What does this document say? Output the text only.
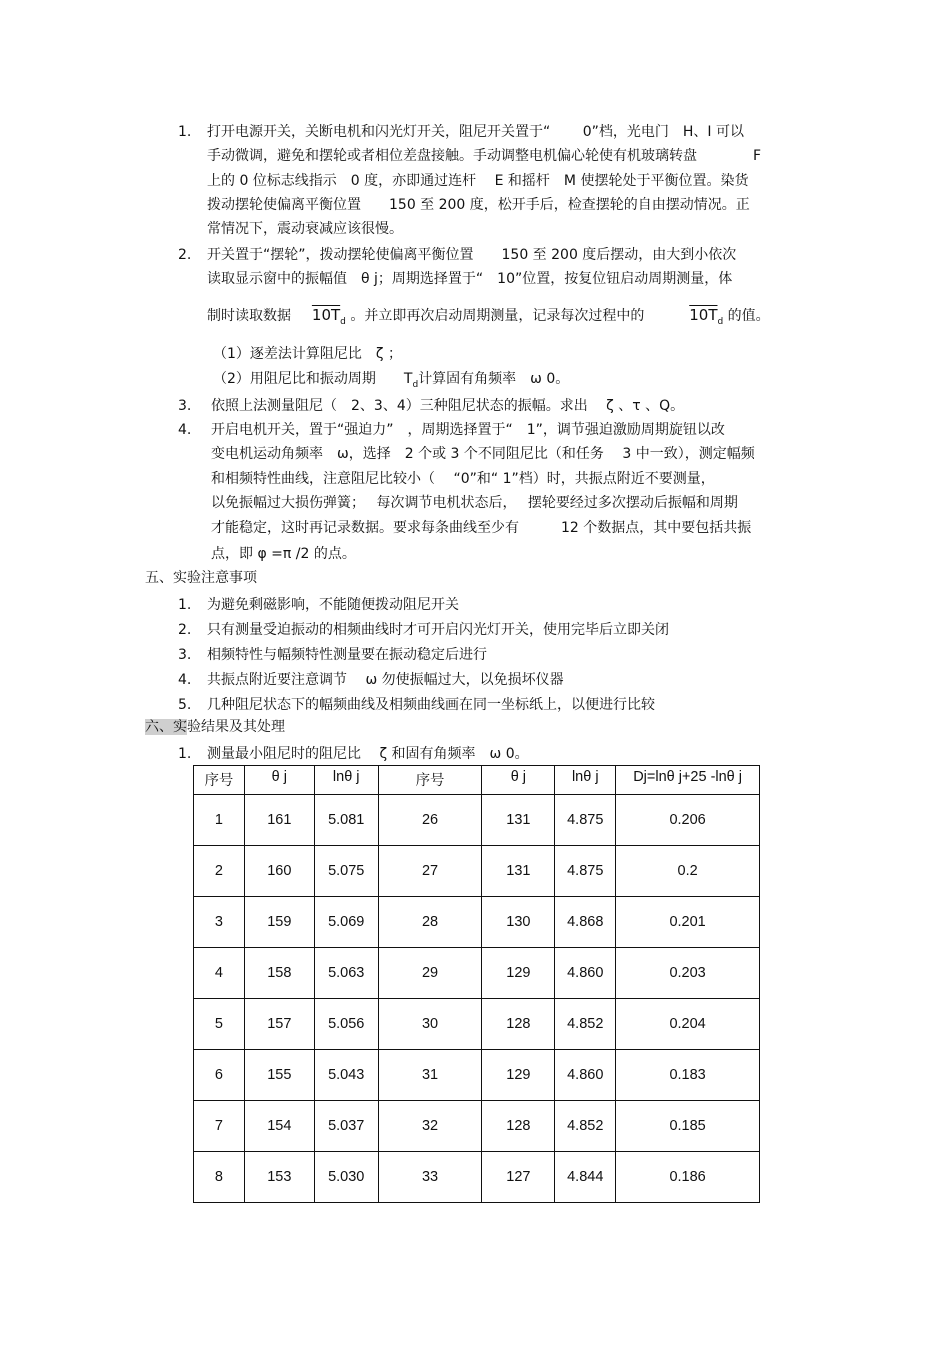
1. 打开电源开关，关断电机和闪光灯开关，阻尼开关置于“　　 0”档，光电门　H、I 可以
手动微调，避免和摆轮或者相位差盘接触。手动调整电机偏心轮使有机玻璃转盘　　　　F
上的 0 位标志线指示　0 度，亦即通过连杆　 E 和摇杆　M 使摆轮处于平衡位置。染货
拨动摆轮使偏离平衡位置　　150 至 200 度，松开手后，检查摆轮的自由摆动情况。正
常情况下，震动衰减应该很慢。
2. 开关置于“摆轮”，拨动摆轮使偏离平衡位置　　150 至 200 度后摆动，由大到小依次
读取显示窗中的振幅值　θ j；周期选择置于“　10”位置，按复位钮启动周期测量，体
制时读取数据 $10T_d$ 。并立即再次启动周期测量，记录每次过程中的	$10T_d$ 的值。
（1）逐差法计算阻尼比　ζ ；
（2）用阻尼比和振动周期　　$T_d$计算固有角频率　ω 0。
3. 依照上法测量阻尼（　2、3、4）三种阻尼状态的振幅。求出　 ζ 、τ 、Q。
4. 开启电机开关，置于“强迫力”　，周期选择置于“　1”，调节强迫激励周期旋钮以改
变电机运动角频率　ω，选择　2 个或 3 个不同阻尼比（和任务　 3 中一致），测定幅频
和相频特性曲线，注意阻尼比较小（　 “0”和“ 1”档）时，共振点附近不要测量，
以免振幅过大损伤弹簧；　 每次调节电机状态后，　 摆轮要经过多次摆动后振幅和周期
才能稳定，这时再记录数据。要求每条曲线至少有　　　12 个数据点，其中要包括共振
点，即 φ =π /2 的点。
五、实验注意事项
1. 为避免剩磁影响，不能随便拨动阻尼开关
2. 只有测量受迫振动的相频曲线时才可开启闪光灯开关，使用完毕后立即关闭
3. 相频特性与幅频特性测量要在振动稳定后进行
4. 共振点附近要注意调节　 ω 勿使振幅过大，以免损坏仪器
5. 几种阻尼状态下的幅频曲线及相频曲线画在同一坐标纸上，以便进行比较
六、实验结果及其处理
1. 测量最小阻尼时的阻尼比　 ζ 和固有角频率　ω 0。
序号	θ j	lnθ j	序号	θ j	lnθ j	Dj=lnθ j+25 -lnθ j
1	161	5.081	26	131	4.875	0.206
2	160	5.075	27	131	4.875	0.2
3	159	5.069	28	130	4.868	0.201
4	158	5.063	29	129	4.860	0.203
5	157	5.056	30	128	4.852	0.204
6	155	5.043	31	129	4.860	0.183
7	154	5.037	32	128	4.852	0.185
8	153	5.030	33	127	4.844	0.186
